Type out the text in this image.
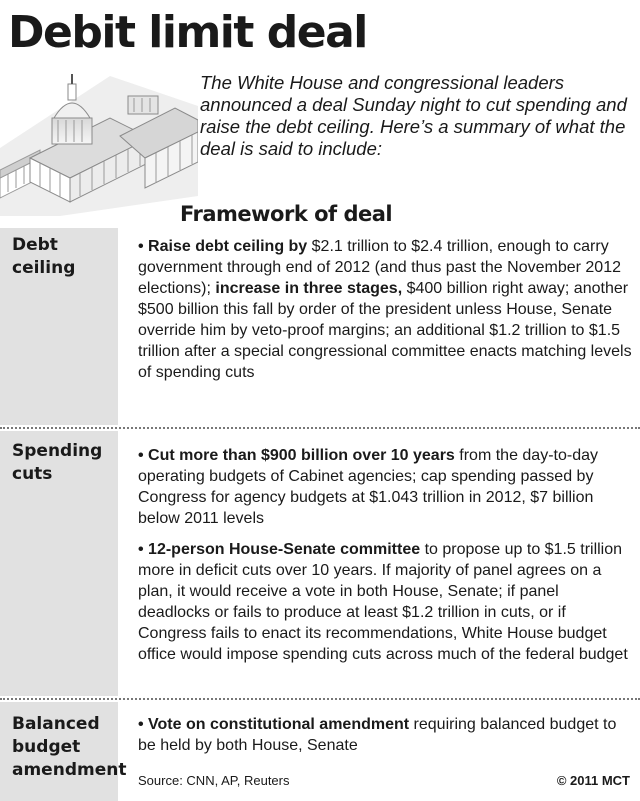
Debit limit deal
The White House and congressional leaders announced a deal Sunday night to cut spending and raise the debt ceiling. Here’s a summary of what the deal is said to include:
Framework of deal
Debt ceiling
Spending cuts
Balanced budget amendment
• Raise debt ceiling by $2.1 trillion to $2.4 trillion, enough to carry government through end of 2012 (and thus past the November 2012 elections); increase in three stages, $400 billion right away; another $500 billion this fall by order of the president unless House, Senate override him by veto-proof margins; an additional $1.2 trillion to $1.5 trillion after a special congressional committee enacts matching levels of spending cuts
• Cut more than $900 billion over 10 years from the day-to-day operating budgets of Cabinet agencies; cap spending passed by Congress for agency budgets at $1.043 trillion in 2012, $7 billion below 2011 levels
• 12-person House-Senate committee to propose up to $1.5 trillion more in deficit cuts over 10 years. If majority of panel agrees on a plan, it would receive a vote in both House, Senate; if panel deadlocks or fails to produce at least $1.2 trillion in cuts, or if Congress fails to enact its recommendations, White House budget office would impose spending cuts across much of the federal budget
• Vote on constitutional amendment requiring balanced budget to be held by both House, Senate
Source: CNN, AP, Reuters	© 2011 MCT
